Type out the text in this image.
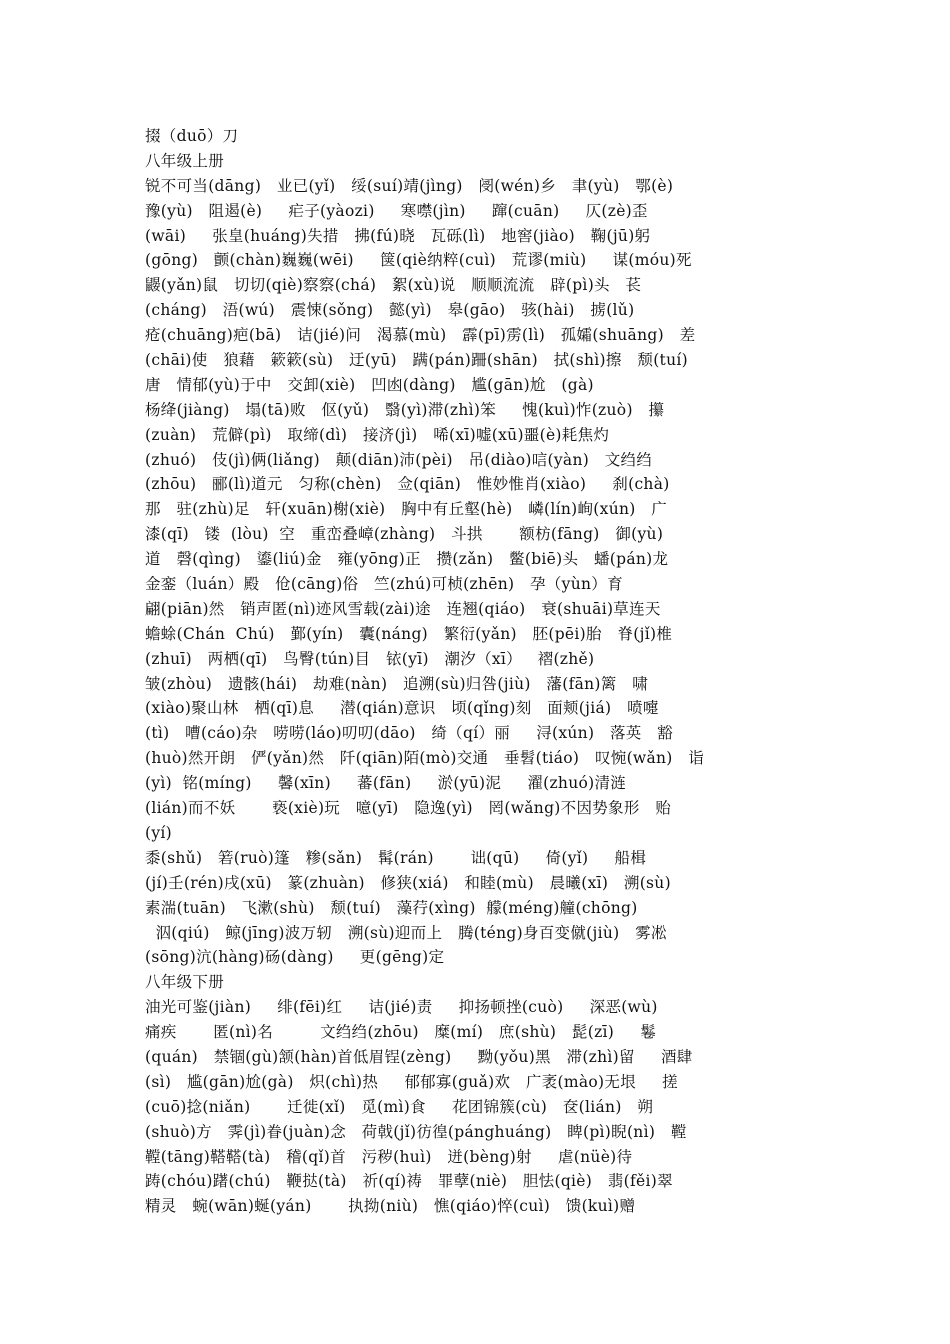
掇（duō）刀
八年级上册
锐不可当(dāng)   业已(yǐ)   绥(suí)靖(jìng)   阌(wén)乡   聿(yù)   鄂(è)
豫(yù)   阻遏(è)     疟子(yàozi)     寒噤(jìn)     蹿(cuān)     仄(zè)歪
(wāi)     张皇(huáng)失措   拂(fú)晓   瓦砾(lì)   地窖(jiào)   鞠(jū)躬
(gōng)   颤(chàn)巍巍(wēi)     箧(qiè纳粹(cuì)   荒谬(miù)     谋(móu)死
鼹(yǎn)鼠   切切(qiè)察察(chá)   絮(xù)说   顺顺流流   辟(pì)头   苌
(cháng)   浯(wú)   震悚(sǒng)   懿(yì)   皋(gāo)   骇(hài)   掳(lǔ)
疮(chuāng)疤(bā)   诘(jié)问   渴慕(mù)   霹(pī)雳(lì)   孤孀(shuāng)   差
(chāi)使   狼藉   簌簌(sù)   迂(yū)   蹒(pán)跚(shān)   拭(shì)擦   颓(tuí)
唐   情郁(yù)于中   交卸(xiè)   凹凼(dàng)   尴(gān)尬   (gà)
杨绛(jiàng)   塌(tā)败   伛(yǔ)   翳(yì)滞(zhì)笨     愧(kuì)怍(zuò)   攥
(zuàn)   荒僻(pì)   取缔(dì)   接济(jì)   唏(xī)嘘(xū)噩(è)耗焦灼
(zhuó)   伎(jì)俩(liǎng)   颠(diān)沛(pèi)   吊(diào)唁(yàn)   文绉绉
(zhōu)   郦(lì)道元   匀称(chèn)   佥(qiān)   惟妙惟肖(xiào)     刹(chà)
那   驻(zhù)足   轩(xuān)榭(xiè)   胸中有丘壑(hè)   嶙(lín)峋(xún)   广
漆(qī)   镂  (lòu)  空   重峦叠嶂(zhàng)   斗拱       额枋(fāng)   御(yù)
道   磬(qìng)   鎏(liú)金   雍(yōng)正   攒(zǎn)   鳖(biē)头   蟠(pán)龙
金銮（luán）殿   伧(cāng)俗   竺(zhú)可桢(zhēn)   孕（yùn）育
翩(piān)然   销声匿(nì)迹风雪载(zài)途   连翘(qiáo)   衰(shuāi)草连天
蟾蜍(Chán  Chú)   鄞(yín)   囊(náng)   繁衍(yǎn)   胚(pēi)胎   脊(jǐ)椎
(zhuī)   两栖(qī)   鸟臀(tún)目   铱(yī)   潮汐（xī）   褶(zhě)
皱(zhòu)   遗骸(hái)   劫难(nàn)   追溯(sù)归咎(jiù)   藩(fān)篱   啸
(xiào)聚山林   栖(qī)息     潜(qián)意识   顷(qǐng)刻   面颊(jiá)   喷嚏
(tì)   嘈(cáo)杂   唠唠(láo)叨叨(dāo)   绮（qí）丽     浔(xún)   落英   豁
(huò)然开朗   俨(yǎn)然   阡(qiān)陌(mò)交通   垂髫(tiáo)   叹惋(wǎn)   诣
(yì)  铭(míng)     馨(xīn)     蕃(fān)     淤(yū)泥     濯(zhuó)清涟
(lián)而不妖       亵(xiè)玩   噫(yī)   隐逸(yì)   罔(wǎng)不因势象形   贻
(yí)
黍(shǔ)   箬(ruò)篷   糁(sǎn)   髯(rán)       诎(qū)     倚(yǐ)     船楫
(jí)壬(rén)戌(xū)   篆(zhuàn)   修狭(xiá)   和睦(mù)   晨曦(xī)   溯(sù)
素湍(tuān)   飞漱(shù)   颓(tuí)   藻荇(xìng)  艨(méng)艟(chōng)
泅(qiú)   鲸(jīng)波万轫   溯(sù)迎而上   腾(téng)身百变僦(jiù)   雾凇
(sōng)沆(hàng)砀(dàng)     更(gēng)定
八年级下册
油光可鉴(jiàn)     绯(fēi)红     诘(jié)责     抑扬顿挫(cuò)     深恶(wù)
痛疾       匿(nì)名         文绉绉(zhōu)   糜(mí)   庶(shù)   髭(zī)     鬈
(quán)   禁锢(gù)颔(hàn)首低眉锃(zèng)     黝(yǒu)黑   滞(zhì)留     酒肆
(sì)   尴(gān)尬(gà)   炽(chì)热     郁郁寡(guǎ)欢   广袤(mào)无垠     搓
(cuō)捻(niǎn)       迁徙(xǐ)   觅(mì)食     花团锦簇(cù)   奁(lián)   朔
(shuò)方   霁(jì)眷(juàn)念   荷戟(jǐ)彷徨(pánghuáng)   睥(pì)睨(nì)   鞺
鞺(tāng)鞳鞳(tà)   稽(qǐ)首   污秽(huì)   迸(bèng)射     虐(nüè)待
踌(chóu)躇(chú)   鞭挞(tà)   祈(qí)祷   罪孽(niè)   胆怯(qiè)   翡(fěi)翠
精灵   蜿(wān)蜒(yán)       执拗(niù)   憔(qiáo)悴(cuì)   馈(kuì)赠
